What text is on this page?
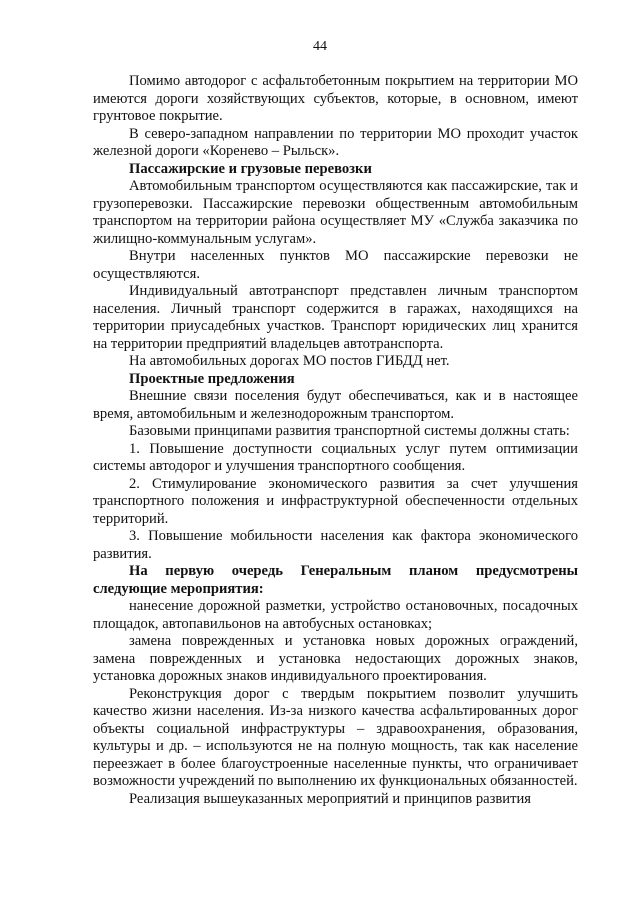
44

Помимо автодорог с асфальтобетонным покрытием на территории МО имеются дороги хозяйствующих субъектов, которые, в основном, имеют грунтовое покрытие.

В северо-западном направлении по территории МО проходит участок железной дороги «Коренево – Рыльск».

Пассажирские и грузовые перевозки

Автомобильным транспортом осуществляются как пассажирские, так и грузоперевозки. Пассажирские перевозки общественным автомобильным транспортом на территории района осуществляет МУ «Служба заказчика по жилищно-коммунальным услугам».

Внутри населенных пунктов МО пассажирские перевозки не осуществляются.

Индивидуальный автотранспорт представлен личным транспортом населения. Личный транспорт содержится в гаражах, находящихся на территории приусадебных участков. Транспорт юридических лиц хранится на территории предприятий владельцев автотранспорта.

На автомобильных дорогах МО постов ГИБДД нет.

Проектные предложения

Внешние связи поселения будут обеспечиваться, как и в настоящее время, автомобильным и железнодорожным транспортом.

Базовыми принципами развития транспортной системы должны стать:

1. Повышение доступности социальных услуг путем оптимизации системы автодорог и улучшения транспортного сообщения.

2. Стимулирование экономического развития за счет улучшения транспортного положения и инфраструктурной обеспеченности отдельных территорий.

3. Повышение мобильности населения как фактора экономического развития.

На первую очередь Генеральным планом предусмотрены следующие мероприятия:

нанесение дорожной разметки, устройство остановочных, посадочных площадок, автопавильонов на автобусных остановках;

замена поврежденных и установка новых дорожных ограждений, замена поврежденных и установка недостающих дорожных знаков, установка дорожных знаков индивидуального проектирования.

Реконструкция дорог с твердым покрытием позволит улучшить качество жизни населения. Из-за низкого качества асфальтированных дорог объекты социальной инфраструктуры – здравоохранения, образования, культуры и др. – используются не на полную мощность, так как население переезжает в более благоустроенные населенные пункты, что ограничивает возможности учреждений по выполнению их функциональных обязанностей.

Реализация вышеуказанных мероприятий и принципов развития
